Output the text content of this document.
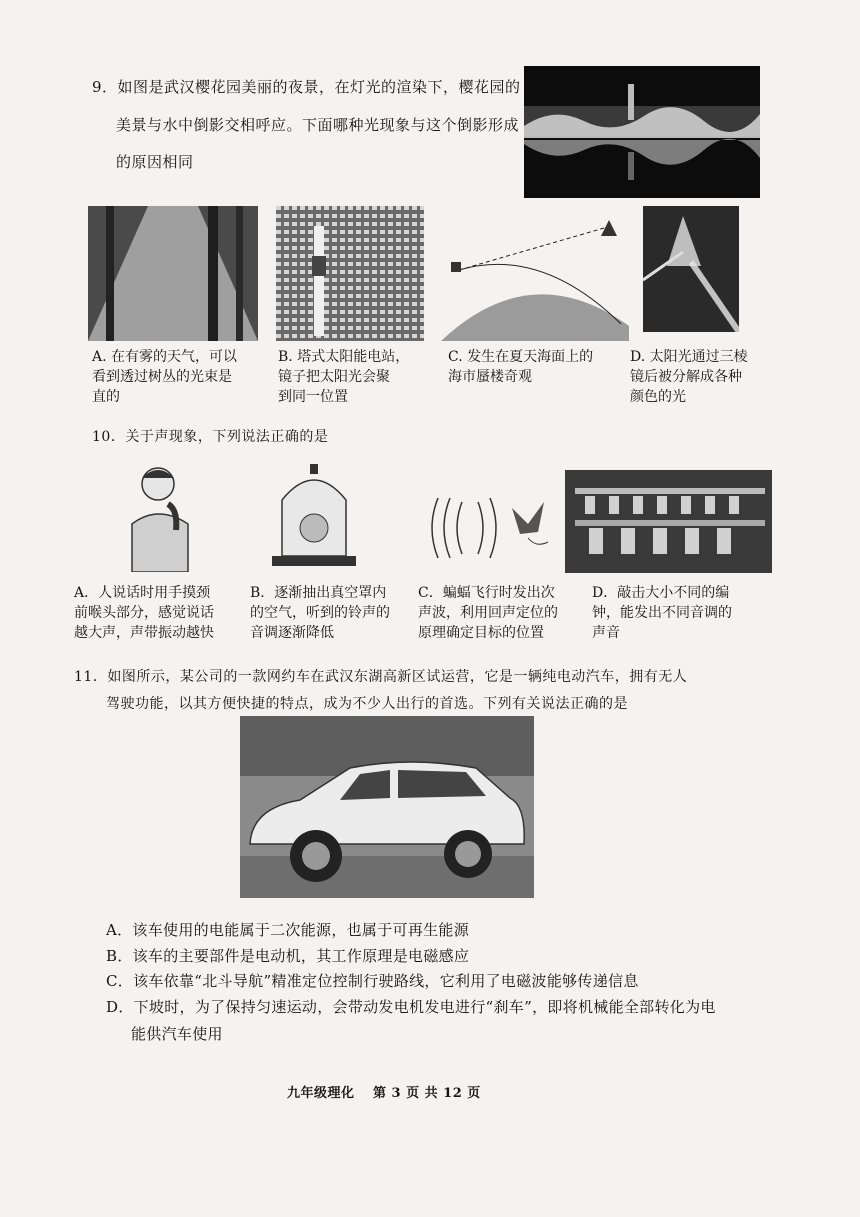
9．如图是武汉樱花园美丽的夜景，在灯光的渲染下，樱花园的
美景与水中倒影交相呼应。下面哪种光现象与这个倒影形成
的原因相同
A. 在有雾的天气，可以
看到透过树丛的光束是
直的
B. 塔式太阳能电站，
镜子把太阳光会聚
到同一位置
C. 发生在夏天海面上的
海市蜃楼奇观
D. 太阳光通过三棱
镜后被分解成各种
颜色的光
10．关于声现象，下列说法正确的是
A．人说话时用手摸颈
前喉头部分，感觉说话
越大声，声带振动越快
B．逐渐抽出真空罩内
的空气，听到的铃声的
音调逐渐降低
C．蝙蝠飞行时发出次
声波，利用回声定位的
原理确定目标的位置
D．敲击大小不同的编
钟，能发出不同音调的
声音
11．如图所示，某公司的一款网约车在武汉东湖高新区试运营，它是一辆纯电动汽车，拥有无人
驾驶功能，以其方便快捷的特点，成为不少人出行的首选。下列有关说法正确的是
A．该车使用的电能属于二次能源，也属于可再生能源
B．该车的主要部件是电动机，其工作原理是电磁感应
C．该车依靠“北斗导航”精准定位控制行驶路线，它利用了电磁波能够传递信息
D．下坡时，为了保持匀速运动，会带动发电机发电进行“刹车”，即将机械能全部转化为电
能供汽车使用
九年级理化　 第 3 页 共 12 页
